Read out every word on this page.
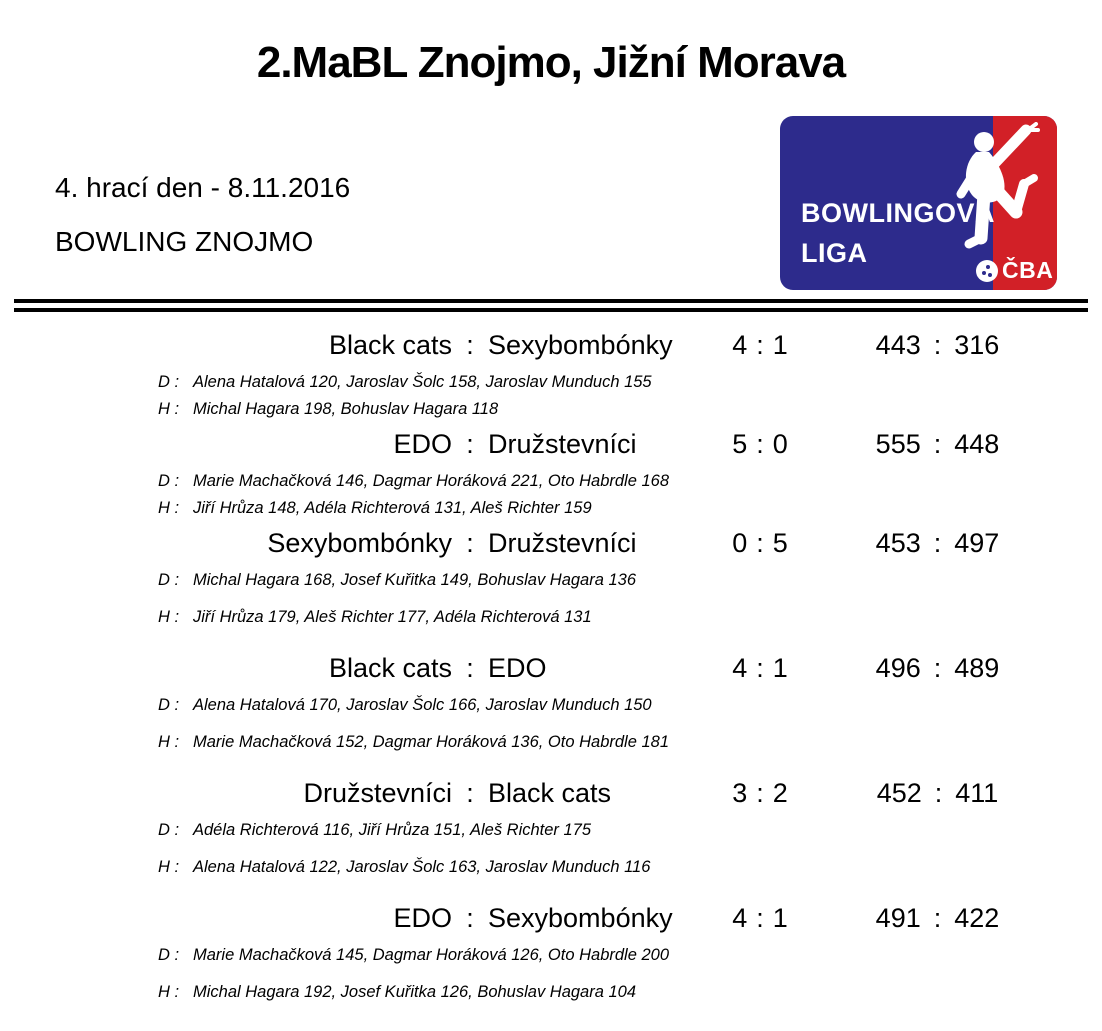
2.MaBL Znojmo, Jižní Morava
4. hrací den - 8.11.2016
BOWLING ZNOJMO
BOWLINGOVÁ
LIGA
ČBA
Black cats : Sexybombónky	4 : 1	443 : 316
D : Alena Hatalová 120, Jaroslav Šolc 158, Jaroslav Munduch 155
H : Michal Hagara 198, Bohuslav Hagara 118
EDO : Družstevníci	5 : 0	555 : 448
D : Marie Machačková 146, Dagmar Horáková 221, Oto Habrdle 168
H : Jiří Hrůza 148, Adéla Richterová 131, Aleš Richter 159
Sexybombónky : Družstevníci	0 : 5	453 : 497
D : Michal Hagara 168, Josef Kuřitka 149, Bohuslav Hagara 136
H : Jiří Hrůza 179, Aleš Richter 177, Adéla Richterová 131
Black cats : EDO	4 : 1	496 : 489
D : Alena Hatalová 170, Jaroslav Šolc 166, Jaroslav Munduch 150
H : Marie Machačková 152, Dagmar Horáková 136, Oto Habrdle 181
Družstevníci : Black cats	3 : 2	452 : 411
D : Adéla Richterová 116, Jiří Hrůza 151, Aleš Richter 175
H : Alena Hatalová 122, Jaroslav Šolc 163, Jaroslav Munduch 116
EDO : Sexybombónky	4 : 1	491 : 422
D : Marie Machačková 145, Dagmar Horáková 126, Oto Habrdle 200
H : Michal Hagara 192, Josef Kuřitka 126, Bohuslav Hagara 104
